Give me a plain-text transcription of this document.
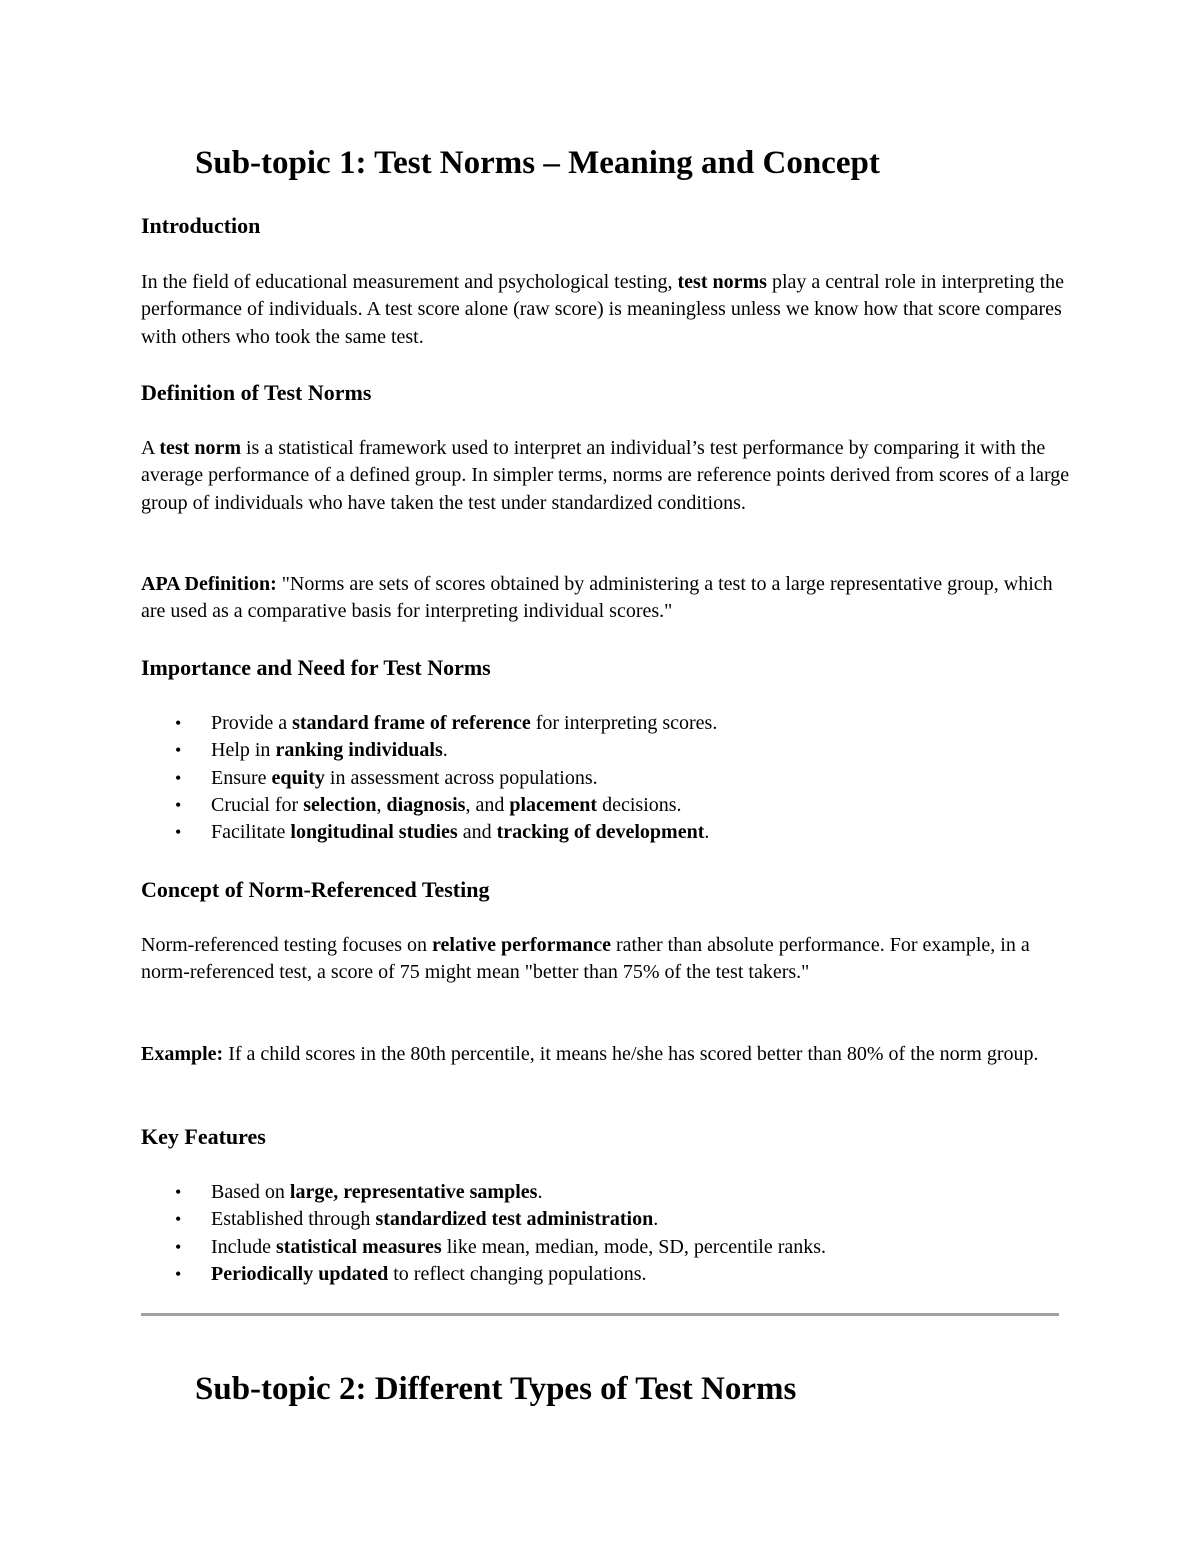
Sub-topic 1: Test Norms – Meaning and Concept
Introduction

In the field of educational measurement and psychological testing, test norms play a central role in interpreting the performance of individuals. A test score alone (raw score) is meaningless unless we know how that score compares with others who took the same test.

Definition of Test Norms

A test norm is a statistical framework used to interpret an individual’s test performance by comparing it with the average performance of a defined group. In simpler terms, norms are reference points derived from scores of a large group of individuals who have taken the test under standardized conditions.

APA Definition: "Norms are sets of scores obtained by administering a test to a large representative group, which are used as a comparative basis for interpreting individual scores."

Importance and Need for Test Norms
• Provide a standard frame of reference for interpreting scores.
• Help in ranking individuals.
• Ensure equity in assessment across populations.
• Crucial for selection, diagnosis, and placement decisions.
• Facilitate longitudinal studies and tracking of development.
Concept of Norm-Referenced Testing

Norm-referenced testing focuses on relative performance rather than absolute performance. For example, in a norm-referenced test, a score of 75 might mean "better than 75% of the test takers."

Example: If a child scores in the 80th percentile, it means he/she has scored better than 80% of the norm group.

Key Features
• Based on large, representative samples.
• Established through standardized test administration.
• Include statistical measures like mean, median, mode, SD, percentile ranks.
• Periodically updated to reflect changing populations.
Sub-topic 2: Different Types of Test Norms
